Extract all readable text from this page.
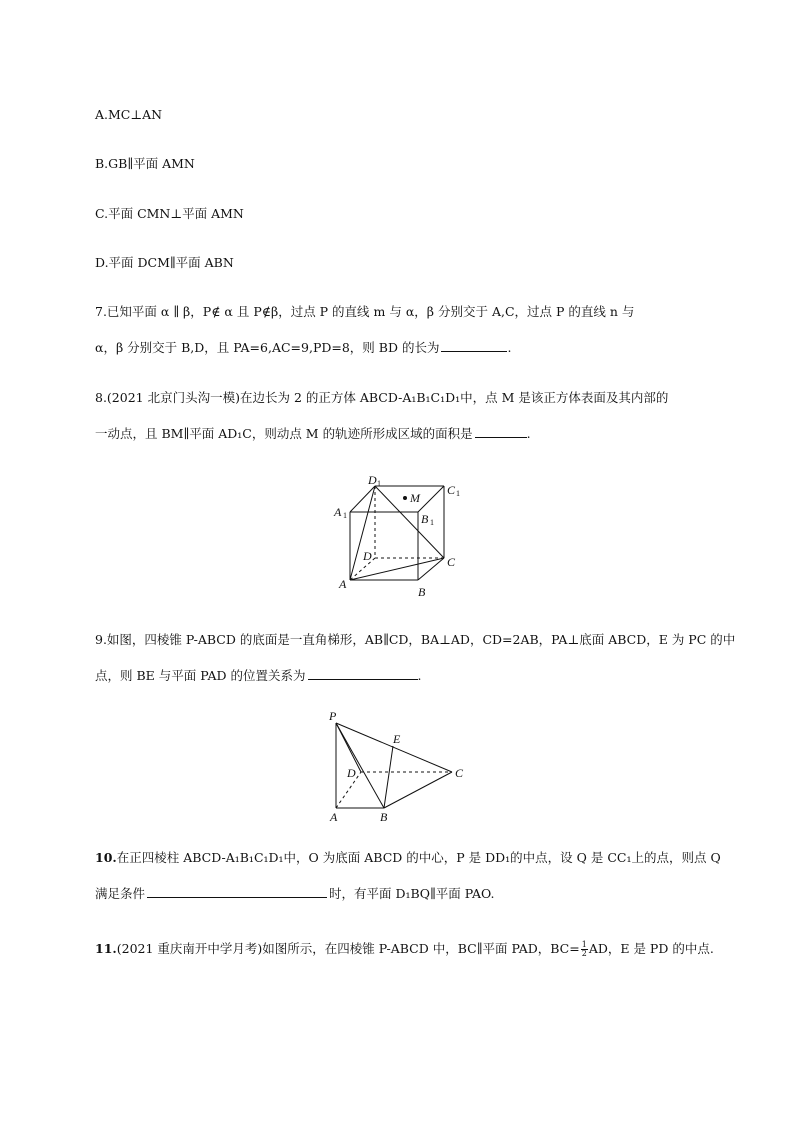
A.MC⊥AN
B.GB∥平面 AMN
C.平面 CMN⊥平面 AMN
D.平面 DCM∥平面 ABN
7.已知平面 α ∥ β，P∉ α 且 P∉β，过点 P 的直线 m 与 α，β 分别交于 A,C，过点 P 的直线 n 与
α，β 分别交于 B,D，且 PA=6,AC=9,PD=8，则 BD 的长为	.
8.(2021 北京门头沟一模)在边长为 2 的正方体 ABCD-A₁B₁C₁D₁中，点 M 是该正方体表面及其内部的
一动点，且 BM∥平面 AD₁C，则动点 M 的轨迹所形成区域的面积是	.
D 1	C 1
A 1	B 1
M
D	C
A
B
9.如图，四棱锥 P-ABCD 的底面是一直角梯形，AB∥CD，BA⊥AD，CD=2AB，PA⊥底面 ABCD，E 为 PC 的中
点，则 BE 与平面 PAD 的位置关系为	.
P
E
D	C
A	B
10.在正四棱柱 ABCD-A₁B₁C₁D₁中，O 为底面 ABCD 的中心，P 是 DD₁的中点，设 Q 是 CC₁上的点，则点 Q
满足条件	时，有平面 D₁BQ∥平面 PAO.
11.(2021 重庆南开中学月考)如图所示，在四棱锥 P-ABCD 中，BC∥平面 PAD，$BC= \frac{1}{2}$ AD，E 是 PD 的中点.
